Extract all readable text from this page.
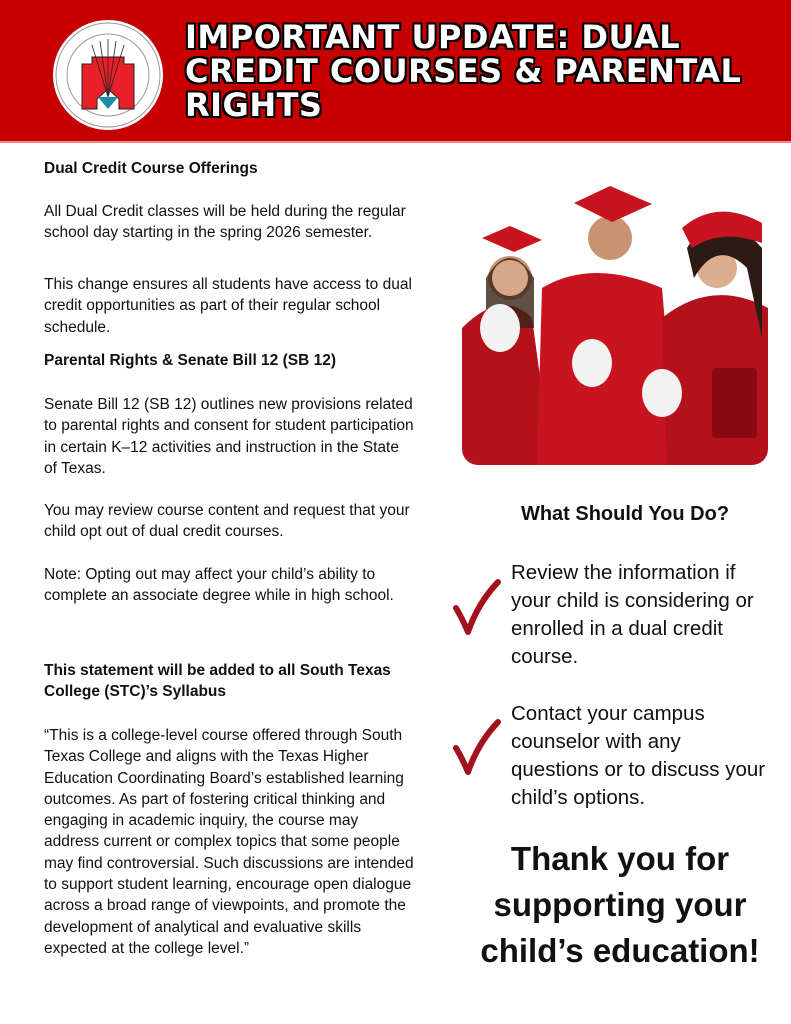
IMPORTANT UPDATE: DUAL CREDIT COURSES & PARENTAL RIGHTS
Dual Credit Course Offerings
All Dual Credit classes will be held during the regular school day starting in the spring 2026 semester.
This change ensures all students have access to dual credit opportunities as part of their regular school schedule.
Parental Rights & Senate Bill 12 (SB 12)
Senate Bill 12 (SB 12) outlines new provisions related to parental rights and consent for student participation in certain K–12 activities and instruction in the State of Texas.
You may review course content and request that your child opt out of dual credit courses.
Note: Opting out may affect your child’s ability to complete an associate degree while in high school.
This statement will be added to all South Texas College (STC)’s Syllabus
“This is a college-level course offered through South Texas College and aligns with the Texas Higher Education Coordinating Board’s established learning outcomes. As part of fostering critical thinking and engaging in academic inquiry, the course may address current or complex topics that some people may find controversial. Such discussions are intended to support student learning, encourage open dialogue across a broad range of viewpoints, and promote the development of analytical and evaluative skills expected at the college level.”
What Should You Do?
Review the information if your child is considering or enrolled in a dual credit course.
Contact your campus counselor with any questions or to discuss your child’s options.
Thank you for supporting your child’s education!
